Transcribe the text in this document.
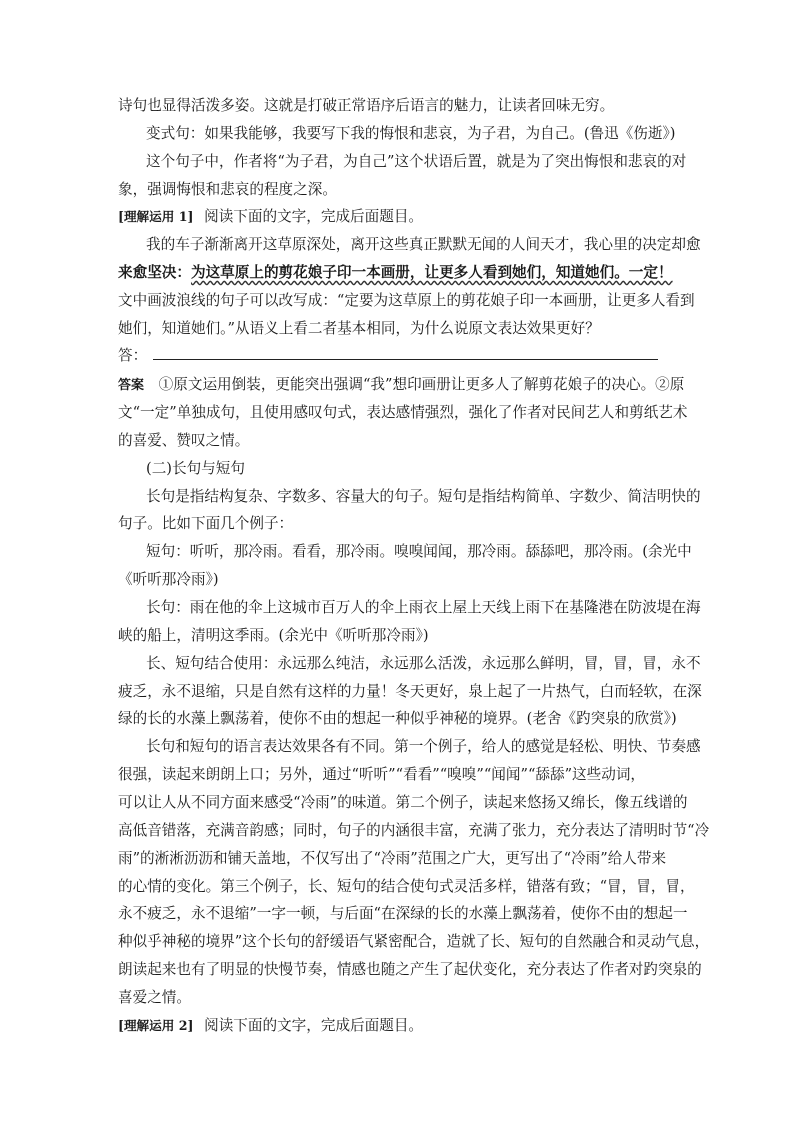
诗句也显得活泼多姿。这就是打破正常语序后语言的魅力，让读者回味无穷。
变式句：如果我能够，我要写下我的悔恨和悲哀，为子君，为自己。(鲁迅《伤逝》)
这个句子中，作者将“为子君，为自己”这个状语后置，就是为了突出悔恨和悲哀的对
象，强调悔恨和悲哀的程度之深。
[理解运用 1] 阅读下面的文字，完成后面题目。
我的车子渐渐离开这草原深处，离开这些真正默默无闻的人间天才，我心里的决定却愈
来愈坚决：为这草原上的剪花娘子印一本画册，让更多人看到她们，知道她们。一定！
文中画波浪线的句子可以改写成：“定要为这草原上的剪花娘子印一本画册，让更多人看到
她们，知道她们。”从语义上看二者基本相同，为什么说原文表达效果更好？
答：
答案 ①原文运用倒装，更能突出强调“我”想印画册让更多人了解剪花娘子的决心。②原
文“一定”单独成句，且使用感叹句式，表达感情强烈，强化了作者对民间艺人和剪纸艺术
的喜爱、赞叹之情。
(二)长句与短句
长句是指结构复杂、字数多、容量大的句子。短句是指结构简单、字数少、简洁明快的
句子。比如下面几个例子：
短句：听听，那冷雨。看看，那冷雨。嗅嗅闻闻，那冷雨。舔舔吧，那冷雨。(余光中
《听听那冷雨》)
长句：雨在他的伞上这城市百万人的伞上雨衣上屋上天线上雨下在基隆港在防波堤在海
峡的船上，清明这季雨。(余光中《听听那冷雨》)
长、短句结合使用：永远那么纯洁，永远那么活泼，永远那么鲜明，冒，冒，冒，永不
疲乏，永不退缩，只是自然有这样的力量！冬天更好，泉上起了一片热气，白而轻软，在深
绿的长的水藻上飘荡着，使你不由的想起一种似乎神秘的境界。(老舍《趵突泉的欣赏》)
长句和短句的语言表达效果各有不同。第一个例子，给人的感觉是轻松、明快、节奏感
很强，读起来朗朗上口；另外，通过“听听”“看看”“嗅嗅”“闻闻”“舔舔”这些动词，
可以让人从不同方面来感受“冷雨”的味道。第二个例子，读起来悠扬又绵长，像五线谱的
高低音错落，充满音韵感；同时，句子的内涵很丰富，充满了张力，充分表达了清明时节“冷
雨”的淅淅沥沥和铺天盖地，不仅写出了“冷雨”范围之广大，更写出了“冷雨”给人带来
的心情的变化。第三个例子，长、短句的结合使句式灵活多样，错落有致；“冒，冒，冒，
永不疲乏，永不退缩”一字一顿，与后面“在深绿的长的水藻上飘荡着，使你不由的想起一
种似乎神秘的境界”这个长句的舒缓语气紧密配合，造就了长、短句的自然融合和灵动气息，
朗读起来也有了明显的快慢节奏，情感也随之产生了起伏变化，充分表达了作者对趵突泉的
喜爱之情。
[理解运用 2] 阅读下面的文字，完成后面题目。
